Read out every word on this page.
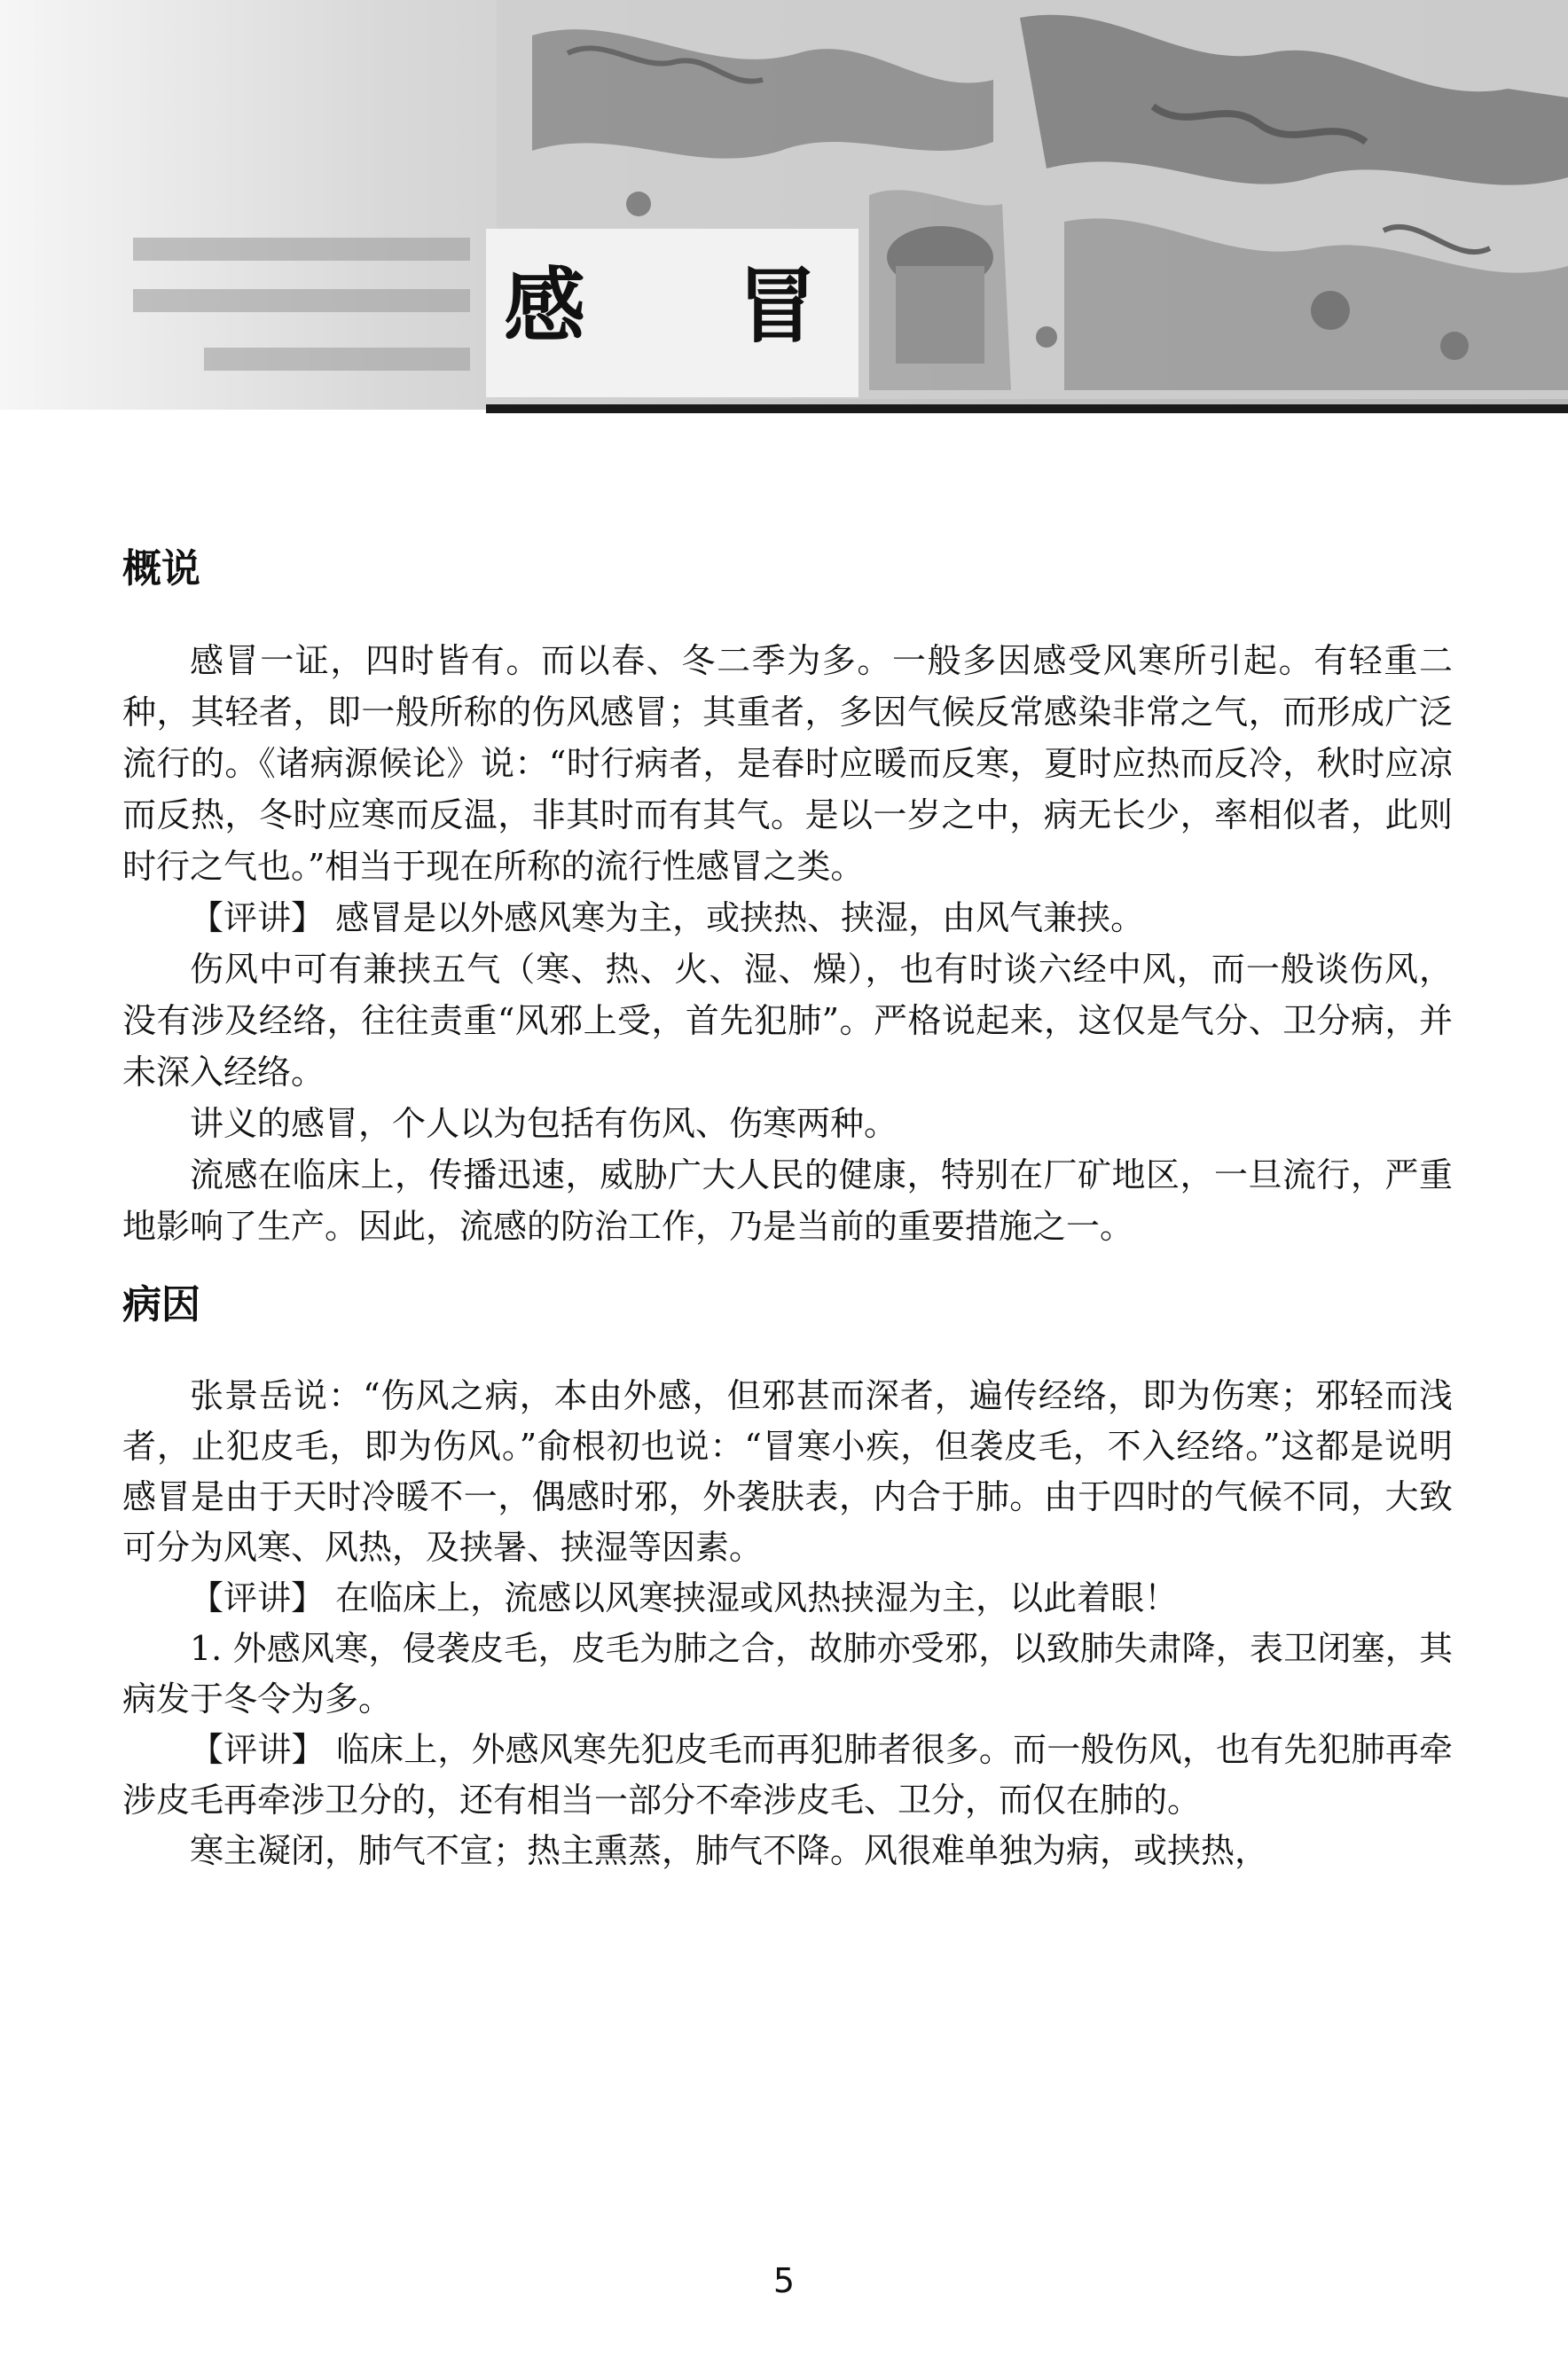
感 冒
概说

感冒一证，四时皆有。而以春、冬二季为多。一般多因感受风寒所引起。有轻重二种，其轻者，即一般所称的伤风感冒；其重者，多因气候反常感染非常之气，而形成广泛流行的。《诸病源候论》说：“时行病者，是春时应暖而反寒，夏时应热而反冷，秋时应凉而反热，冬时应寒而反温，非其时而有其气。是以一岁之中，病无长少，率相似者，此则时行之气也。”相当于现在所称的流行性感冒之类。

【评讲】 感冒是以外感风寒为主，或挟热、挟湿，由风气兼挟。

伤风中可有兼挟五气（寒、热、火、湿、燥），也有时谈六经中风，而一般谈伤风，没有涉及经络，往往责重“风邪上受，首先犯肺”。严格说起来，这仅是气分、卫分病，并未深入经络。

讲义的感冒，个人以为包括有伤风、伤寒两种。

流感在临床上，传播迅速，威胁广大人民的健康，特别在厂矿地区，一旦流行，严重地影响了生产。因此，流感的防治工作，乃是当前的重要措施之一。

病因

张景岳说：“伤风之病，本由外感，但邪甚而深者，遍传经络，即为伤寒；邪轻而浅者，止犯皮毛，即为伤风。”俞根初也说：“冒寒小疾，但袭皮毛，不入经络。”这都是说明感冒是由于天时冷暖不一，偶感时邪，外袭肤表，内合于肺。由于四时的气候不同，大致可分为风寒、风热，及挟暑、挟湿等因素。

【评讲】 在临床上，流感以风寒挟湿或风热挟湿为主，以此着眼！

1. 外感风寒，侵袭皮毛，皮毛为肺之合，故肺亦受邪，以致肺失肃降，表卫闭塞，其病发于冬令为多。

【评讲】 临床上，外感风寒先犯皮毛而再犯肺者很多。而一般伤风，也有先犯肺再牵涉皮毛再牵涉卫分的，还有相当一部分不牵涉皮毛、卫分，而仅在肺的。

寒主凝闭，肺气不宣；热主熏蒸，肺气不降。风很难单独为病，或挟热，

5
